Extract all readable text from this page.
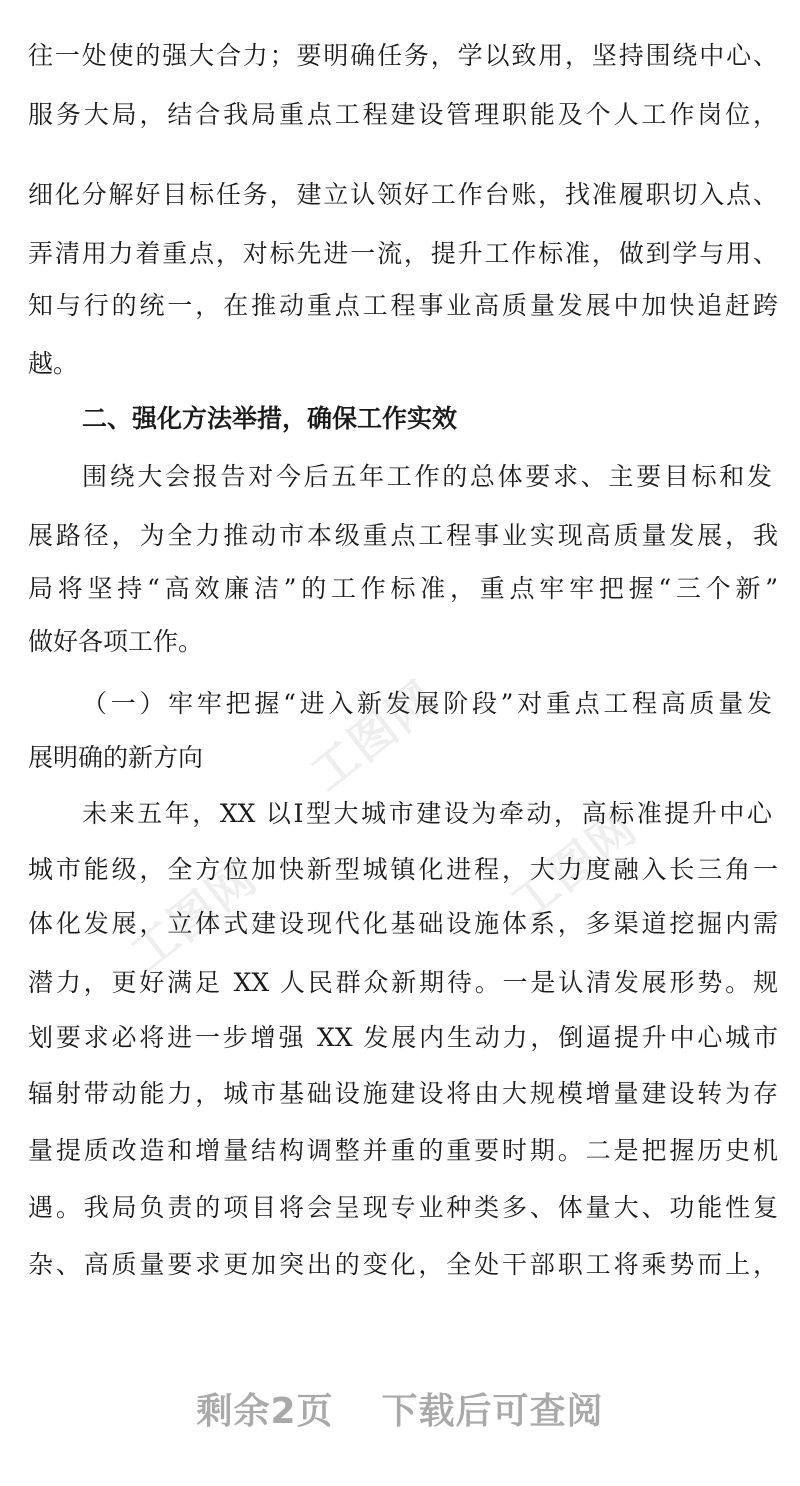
工图网
工图网	工图网
往一处使的强大合力；要明确任务，学以致用，坚持围绕中心、
服务大局，结合我局重点工程建设管理职能及个人工作岗位，
细化分解好目标任务，建立认领好工作台账，找准履职切入点、
弄清用力着重点，对标先进一流，提升工作标准，做到学与用、
知与行的统一，在推动重点工程事业高质量发展中加快追赶跨
越。
二、强化方法举措，确保工作实效
围绕大会报告对今后五年工作的总体要求、主要目标和发
展路径，为全力推动市本级重点工程事业实现高质量发展，我
局将坚持“高效廉洁”的工作标准，重点牢牢把握“三个新”
做好各项工作。
（一）牢牢把握“进入新发展阶段”对重点工程高质量发
展明确的新方向
未来五年，XX 以Ⅰ型大城市建设为牵动，高标准提升中心
城市能级，全方位加快新型城镇化进程，大力度融入长三角一
体化发展，立体式建设现代化基础设施体系，多渠道挖掘内需
潜力，更好满足 XX 人民群众新期待。一是认清发展形势。规
划要求必将进一步增强 XX 发展内生动力，倒逼提升中心城市
辐射带动能力，城市基础设施建设将由大规模增量建设转为存
量提质改造和增量结构调整并重的重要时期。二是把握历史机
遇。我局负责的项目将会呈现专业种类多、体量大、功能性复
杂、高质量要求更加突出的变化，全处干部职工将乘势而上，
剩余2页 下载后可查阅
